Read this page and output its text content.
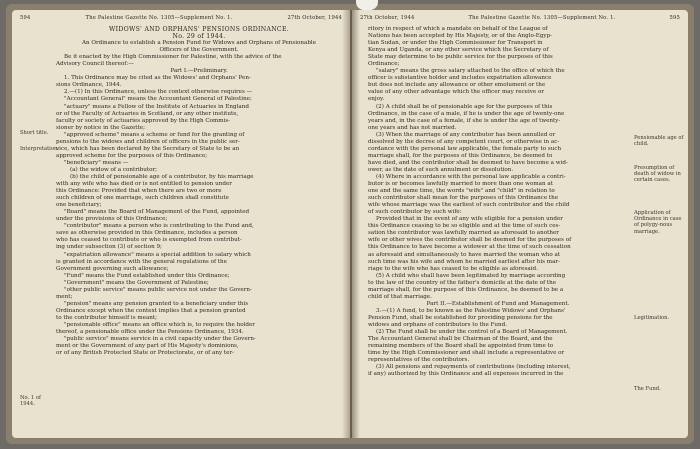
594	The Palestine Gazette No. 1305—Supplement No. 1.	27th October, 1944
WIDOWS' AND ORPHANS' PENSIONS ORDINANCE.
No. 29 of 1944.
An Ordinance to establish a Pension Fund for Widows and Orphans of Pensionable
Officers of the Government.
Be it enacted by the High Commissioner for Palestine, with the advice of the
Advisory Council thereof:—
Part I.—Preliminary.
1. This Ordinance may be cited as the Widows' and Orphans' Pen-
sions Ordinance, 1944.
2.—(1) In this Ordinance, unless the context otherwise requires —
"Accountant General" means the Accountant General of Palestine;
"actuary" means a Fellow of the Institute of Actuaries in England
or of the Faculty of Actuaries in Scotland, or any other institute,
faculty or society of actuaries approved by the High Commis-
sioner by notice in the Gazette;
"approved scheme" means a scheme or fund for the granting of
pensions to the widows and children of officers in the public ser-
vice, which has been declared by the Secretary of State to be an
approved scheme for the purposes of this Ordinance;
"beneficiary" means —
(a) the widow of a contributor;
(b) the child of pensionable age of a contributor, by his marriage
with any wife who has died or is not entitled to pension under
this Ordinance: Provided that when there are two or more
such children of one marriage, such children shall constitute
one beneficiary;
"Board" means the Board of Management of the Fund, appointed
under the provisions of this Ordinance;
"contributor" means a person who is contributing to the Fund and,
save as otherwise provided in this Ordinance, includes a person
who has ceased to contribute or who is exempted from contribut-
ing under subsection (3) of section 9;
"expatriation allowance" means a special addition to salary which
is granted in accordance with the general regulations of the
Government governing such allowance;
"Fund" means the Fund established under this Ordinance;
"Government" means the Government of Palestine;
"other public service" means public service not under the Govern-
ment;
"pension" means any pension granted to a beneficiary under this
Ordinance except when the context implies that a pension granted
to the contributor himself is meant;
"pensionable office" means an office which is, to require the holder
thereof, a pensionable office under the Pensions Ordinance, 1934.
"public service" means service in a civil capacity under the Govern-
ment or the Government of any part of His Majesty's dominions,
or of any British Protected State or Protectorate, or of any ter-
Short title.
Interpretation.
No. 1 of 1944.
27th October, 1944	The Palestine Gazette No. 1305—Supplement No. 1.	595
ritory in respect of which a mandate on behalf of the League of
Nations has been accepted by His Majesty, or of the Anglo-Egyp-
tian Sudan, or under the High Commissioner for Transport in
Kenya and Uganda, or any other service which the Secretary of
State may determine to be public service for the purposes of this
Ordinance;
"salary" means the gross salary attached to the office of which the
officer is substantive holder and includes expatriation allowance
but does not include any allowance or other emolument or the
value of any other advantage which the officer may receive or
enjoy.
(2) A child shall be of pensionable age for the purposes of this
Ordinance, in the case of a male, if he is under the age of twenty-one
years and, in the case of a female, if she is under the age of twenty-
one years and has not married.
(3) When the marriage of any contributor has been annulled or
dissolved by the decree of any competent court, or otherwise in ac-
cordance with the personal law applicable, the female party to such
marriage shall, for the purposes of this Ordinance, be deemed to
have died, and the contributor shall be deemed to have become a wid-
ower, as the date of such annulment or dissolution.
(4) Where in accordance with the personal law applicable a contri-
butor is or becomes lawfully married to more than one woman at
one and the same time, the words "wife" and "child" in relation to
such contributor shall mean for the purposes of this Ordinance the
wife whose marriage was the earliest of such contributor and the child
of such contributor by such wife:
Provided that in the event of any wife eligible for a pension under
this Ordinance ceasing to be so eligible and at the time of such ces-
sation the contributor was lawfully married as aforesaid to another
wife or other wives the contributor shall be deemed for the purposes of
this Ordinance to have become a widower at the time of such cessation
as aforesaid and simultaneously to have married the woman who at
such time was his wife and whom he married earliest after his mar-
riage to the wife who has ceased to be eligible as aforesaid.
(5) A child who shall have been legitimated by marriage according
to the law of the country of the father's domicile at the date of the
marriage shall, for the purpose of this Ordinance, be deemed to be a
child of that marriage.
Part II.—Establishment of Fund and Management.
3.—(1) A fund, to be known as the Palestine Widows' and Orphans'
Pension Fund, shall be established for providing pensions for the
widows and orphans of contributors to the Fund.
(2) The Fund shall be under the control of a Board of Management.
The Accountant General shall be Chairman of the Board, and the
remaining members of the Board shall be appointed from time to
time by the High Commissioner and shall include a representative or
representatives of the contributors.
(3) All pensions and repayments of contributions (including interest,
if any) authorized by this Ordinance and all expenses incurred in the
Pensionable age of child.
Presumption of death of widow in certain cases.
Application of Ordinance in case of polygy-nous marriage.
Legitimation.
The Fund.
